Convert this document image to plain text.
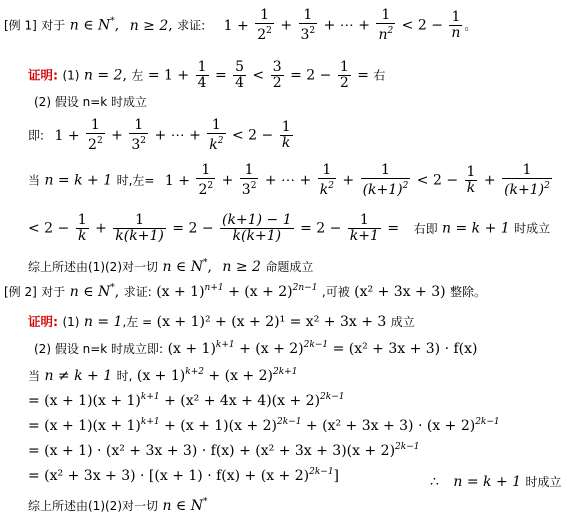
[例 1] 对于 n ∈ N*, n ≥ 2, 求证: $1 + \frac{1}{2^2} + \frac{1}{3^2}$ + ⋯ + $\frac{1}{n^2} < 2 - \frac{1}{n}$ 。
证明: (1) n = 2, 左 = $1 + \frac{1}{4} = \frac{5}{4} < \frac{3}{2} = 2 - \frac{1}{2}$ = 右
(2) 假设 n=k 时成立
即: $1 + \frac{1}{2^2} + \frac{1}{3^2}$ + ⋯ + $\frac{1}{k^2} < 2 - \frac{1}{k}$
当 n = k + 1 时,左= $1 + \frac{1}{2^2} + \frac{1}{3^2}$ + ⋯ + $\frac{1}{k^2} + \frac{1}{(k+1)^2} < 2 - \frac{1}{k} + \frac{1}{(k+1)^2}$
< $2 - \frac{1}{k} + \frac{1}{k(k+1)} = 2 - \frac{(k+1) - 1}{k(k+1)} = 2 - \frac{1}{k+1}$ = 右即 n = k + 1 时成立
综上所述由(1)(2)对一切 n ∈ N*, n ≥ 2 命题成立
[例 2] 对于 n ∈ N*, 求证: $(x + 1)^{n+1} + (x + 2)^{2n-1}$ ,可被 (x² + 3x + 3) 整除。
证明: (1) n = 1,左 = (x + 1)² + (x + 2)¹ = x² + 3x + 3 成立
(2) 假设 n=k 时成立即: $(x + 1)^{k+1} + (x + 2)^{2k-1} = (x^2 + 3x + 3) \cdot f(x)$
当 n ≠ k + 1 时, $(x + 1)^{k+2} + (x + 2)^{2k+1}$
= $(x + 1)(x + 1)^{k+1} + (x^2 + 4x + 4)(x + 2)^{2k-1}$
= $(x + 1)(x + 1)^{k+1} + (x + 1)(x + 2)^{2k-1} + (x^2 + 3x + 3) \cdot (x + 2)^{2k-1}$
= $(x + 1) \cdot (x^2 + 3x + 3) \cdot f(x) + (x^2 + 3x + 3)(x + 2)^{2k-1}$
= $(x^2 + 3x + 3) \cdot [(x + 1) \cdot f(x) + (x + 2)^{2k-1}]$	∴ n = k + 1 时成立
综上所述由(1)(2)对一切 n ∈ N*
